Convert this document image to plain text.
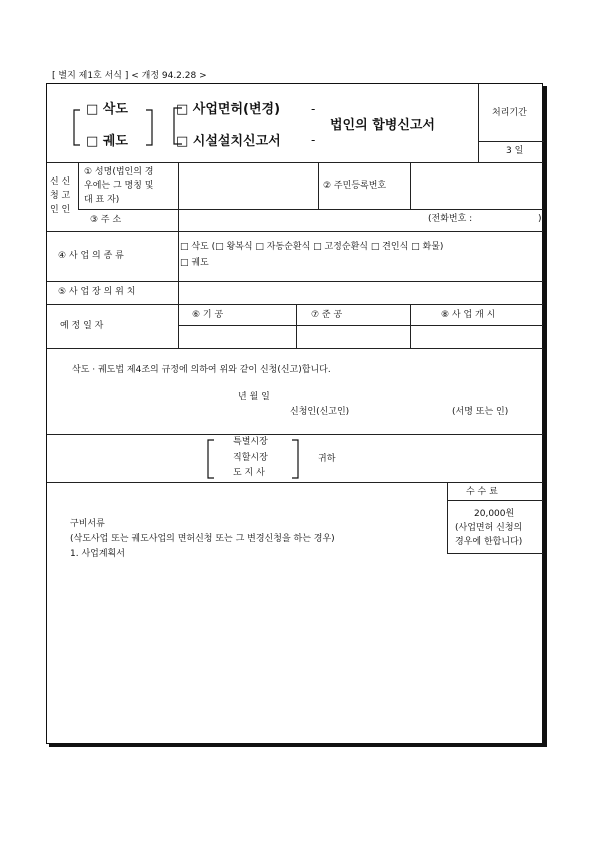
[ 별지 제1호 서식 ] < 개정 94.2.28 >
□ 삭도
□ 궤도
□ 사업면허(변경)
□ 시설설치신고서
-
-
법인의 합병신고서
처리기간
3 일
신 신
청 고
인 인
① 성명(법인의 경
우에는 그 명칭 및
대 표 자)
② 주민등록번호
③ 주 소	(전화번호 :	)
④ 사 업 의 종 류
□ 삭도 (□ 왕복식 □ 자동순환식 □ 고정순환식 □ 견인식 □ 화물)
□ 궤도
⑤ 사 업 장 의 위 치
예 정 일 자
⑥ 기 공	⑦ 준 공	⑧ 사 업 개 시
삭도 · 궤도법 제4조의 규정에 의하여 위와 같이 신청(신고)합니다.
년 월 일
신청인(신고인)	(서명 또는 인)
특별시장
직할시장
도 지 사
귀하
수 수 료
20,000원
(사업면허 신청의
경우에 한합니다)
구비서류
(삭도사업 또는 궤도사업의 면허신청 또는 그 변경신청을 하는 경우)
1. 사업계획서
